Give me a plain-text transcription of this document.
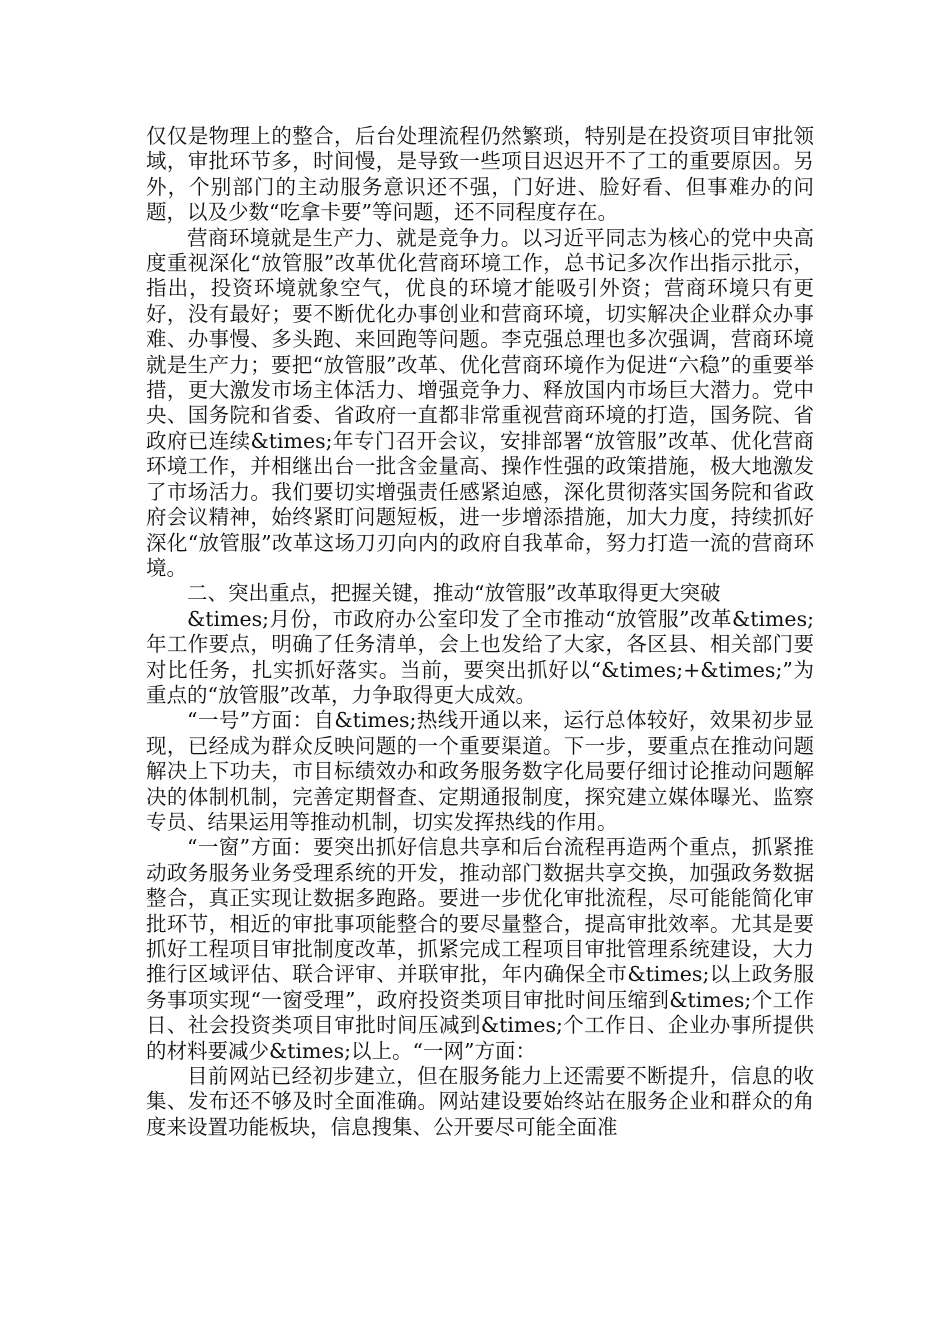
仅仅是物理上的整合，后台处理流程仍然繁琐，特别是在投资项目审批领域，审批环节多，时间慢，是导致一些项目迟迟开不了工的重要原因。另外，个别部门的主动服务意识还不强，门好进、脸好看、但事难办的问题，以及少数“吃拿卡要”等问题，还不同程度存在。

营商环境就是生产力、就是竞争力。以习近平同志为核心的党中央高度重视深化“放管服”改革优化营商环境工作，总书记多次作出指示批示，指出，投资环境就象空气，优良的环境才能吸引外资；营商环境只有更好，没有最好；要不断优化办事创业和营商环境，切实解决企业群众办事难、办事慢、多头跑、来回跑等问题。李克强总理也多次强调，营商环境就是生产力；要把“放管服”改革、优化营商环境作为促进“六稳”的重要举措，更大激发市场主体活力、增强竞争力、释放国内市场巨大潜力。党中央、国务院和省委、省政府一直都非常重视营商环境的打造，国务院、省政府已连续&times;年专门召开会议，安排部署“放管服”改革、优化营商环境工作，并相继出台一批含金量高、操作性强的政策措施，极大地激发了市场活力。我们要切实增强责任感紧迫感，深化贯彻落实国务院和省政府会议精神，始终紧盯问题短板，进一步增添措施，加大力度，持续抓好深化“放管服”改革这场刀刃向内的政府自我革命，努力打造一流的营商环境。

二、突出重点，把握关键，推动“放管服”改革取得更大突破

&times;月份，市政府办公室印发了全市推动“放管服”改革&times;年工作要点，明确了任务清单，会上也发给了大家，各区县、相关部门要对比任务，扎实抓好落实。当前，要突出抓好以“&times;+&times;”为重点的“放管服”改革，力争取得更大成效。

“一号”方面：自&times;热线开通以来，运行总体较好，效果初步显现，已经成为群众反映问题的一个重要渠道。下一步，要重点在推动问题解决上下功夫，市目标绩效办和政务服务数字化局要仔细讨论推动问题解决的体制机制，完善定期督查、定期通报制度，探究建立媒体曝光、监察专员、结果运用等推动机制，切实发挥热线的作用。

“一窗”方面：要突出抓好信息共享和后台流程再造两个重点，抓紧推动政务服务业务受理系统的开发，推动部门数据共享交换，加强政务数据整合，真正实现让数据多跑路。要进一步优化审批流程，尽可能能简化审批环节，相近的审批事项能整合的要尽量整合，提高审批效率。尤其是要抓好工程项目审批制度改革，抓紧完成工程项目审批管理系统建设，大力推行区域评估、联合评审、并联审批，年内确保全市&times;以上政务服务事项实现“一窗受理”，政府投资类项目审批时间压缩到&times;个工作日、社会投资类项目审批时间压减到&times;个工作日、企业办事所提供的材料要减少&times;以上。“一网”方面：

目前网站已经初步建立，但在服务能力上还需要不断提升，信息的收集、发布还不够及时全面准确。网站建设要始终站在服务企业和群众的角度来设置功能板块，信息搜集、公开要尽可能全面准
